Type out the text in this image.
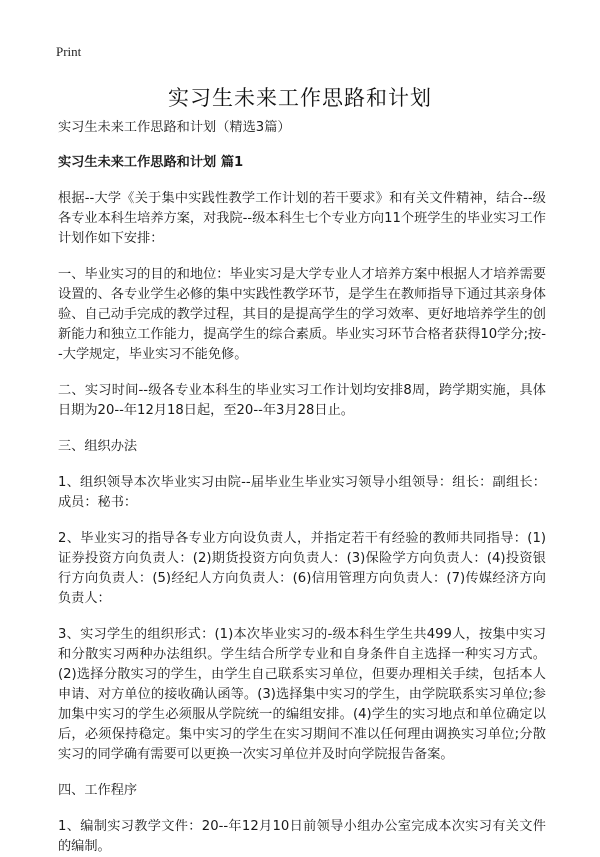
Print
实习生未来工作思路和计划

实习生未来工作思路和计划（精选3篇）

实习生未来工作思路和计划 篇1

根据--大学《关于集中实践性教学工作计划的若干要求》和有关文件精神，结合--级各专业本科生培养方案，对我院--级本科生七个专业方向11个班学生的毕业实习工作计划作如下安排：

一、毕业实习的目的和地位：毕业实习是大学专业人才培养方案中根据人才培养需要设置的、各专业学生必修的集中实践性教学环节，是学生在教师指导下通过其亲身体验、自己动手完成的教学过程，其目的是提高学生的学习效率、更好地培养学生的创新能力和独立工作能力，提高学生的综合素质。毕业实习环节合格者获得10学分;按--大学规定，毕业实习不能免修。

二、实习时间--级各专业本科生的毕业实习工作计划均安排8周，跨学期实施，具体日期为20--年12月18日起，至20--年3月28日止。

三、组织办法

1、组织领导本次毕业实习由院--届毕业生毕业实习领导小组领导：组长：副组长：成员：秘书：

2、毕业实习的指导各专业方向设负责人，并指定若干有经验的教师共同指导：(1)证券投资方向负责人：(2)期货投资方向负责人：(3)保险学方向负责人：(4)投资银行方向负责人：(5)经纪人方向负责人：(6)信用管理方向负责人：(7)传媒经济方向负责人：

3、实习学生的组织形式：(1)本次毕业实习的-级本科生学生共499人，按集中实习和分散实习两种办法组织。学生结合所学专业和自身条件自主选择一种实习方式。(2)选择分散实习的学生，由学生自己联系实习单位，但要办理相关手续，包括本人申请、对方单位的接收确认函等。(3)选择集中实习的学生，由学院联系实习单位;参加集中实习的学生必须服从学院统一的编组安排。(4)学生的实习地点和单位确定以后，必须保持稳定。集中实习的学生在实习期间不准以任何理由调换实习单位;分散实习的同学确有需要可以更换一次实习单位并及时向学院报告备案。

四、工作程序

1、编制实习教学文件：20--年12月10日前领导小组办公室完成本次实习有关文件的编制。
